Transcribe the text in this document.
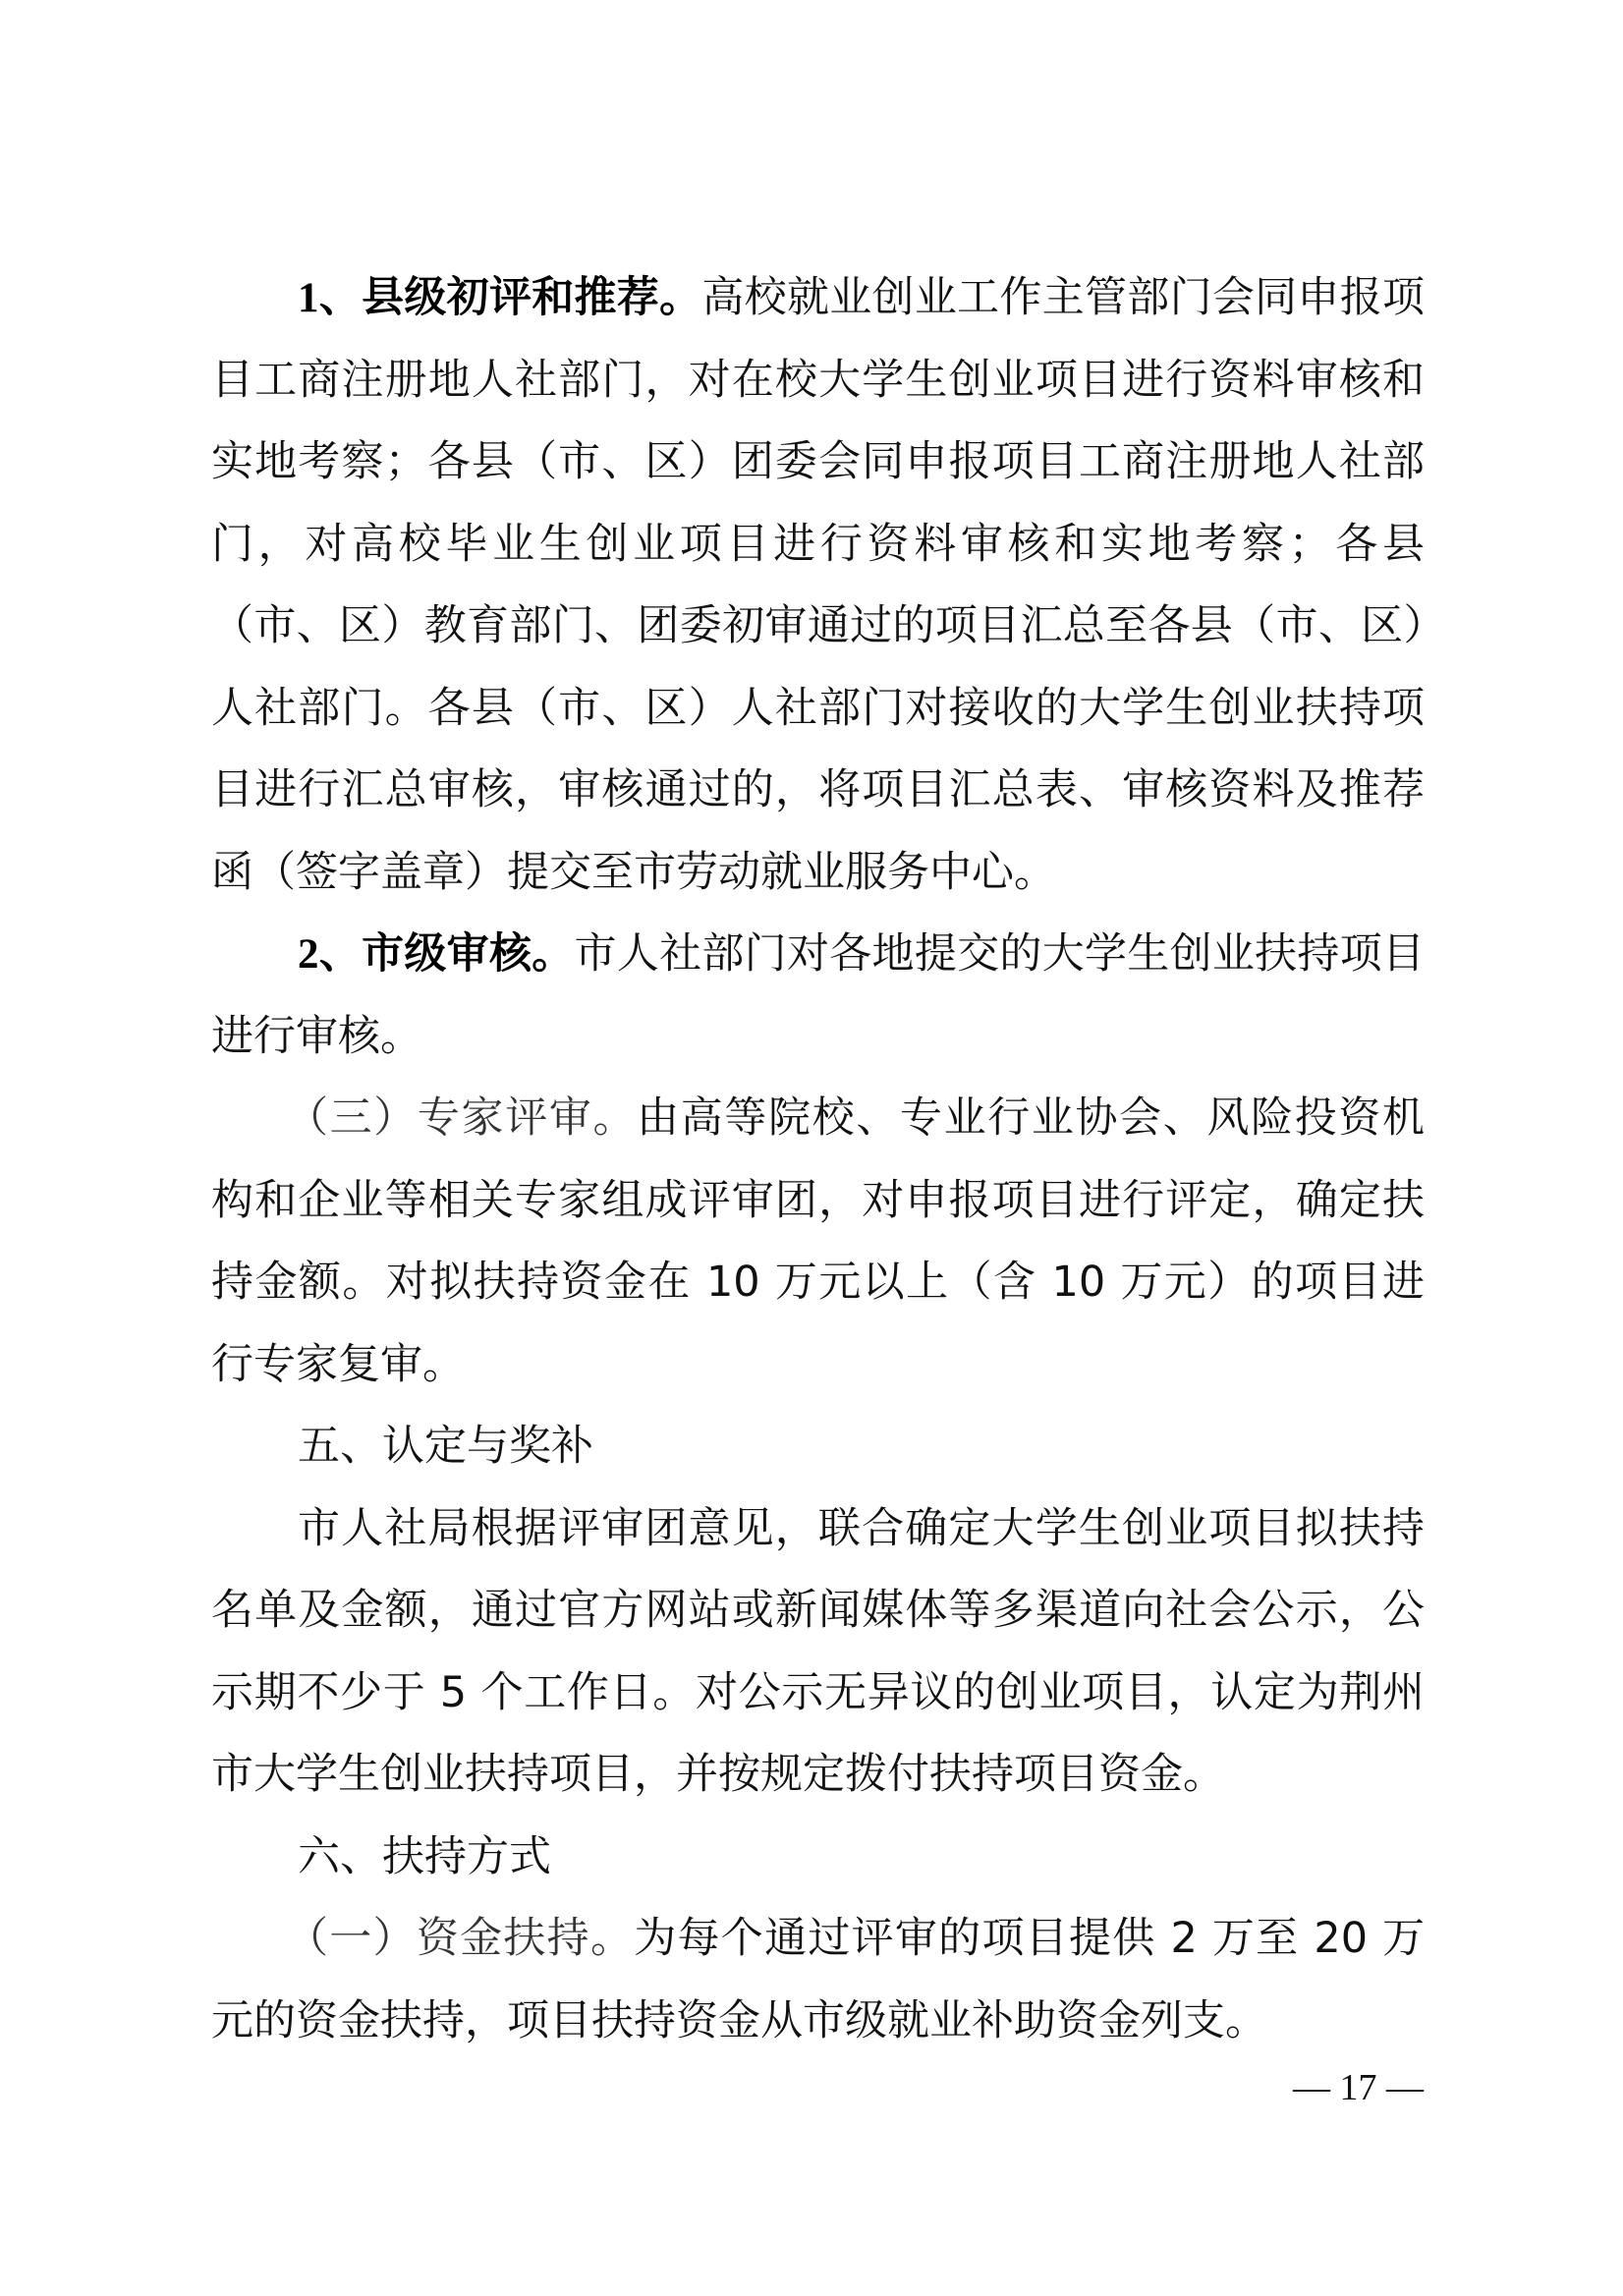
1、县级初评和推荐。高校就业创业工作主管部门会同申报项目工商注册地人社部门，对在校大学生创业项目进行资料审核和实地考察；各县（市、区）团委会同申报项目工商注册地人社部门，对高校毕业生创业项目进行资料审核和实地考察；各县（市、区）教育部门、团委初审通过的项目汇总至各县（市、区）人社部门。各县（市、区）人社部门对接收的大学生创业扶持项目进行汇总审核，审核通过的，将项目汇总表、审核资料及推荐函（签字盖章）提交至市劳动就业服务中心。

2、市级审核。市人社部门对各地提交的大学生创业扶持项目进行审核。

（三）专家评审。由高等院校、专业行业协会、风险投资机构和企业等相关专家组成评审团，对申报项目进行评定，确定扶持金额。对拟扶持资金在 10 万元以上（含 10 万元）的项目进行专家复审。

五、认定与奖补

市人社局根据评审团意见，联合确定大学生创业项目拟扶持名单及金额，通过官方网站或新闻媒体等多渠道向社会公示，公示期不少于 5 个工作日。对公示无异议的创业项目，认定为荆州市大学生创业扶持项目，并按规定拨付扶持项目资金。

六、扶持方式

（一）资金扶持。为每个通过评审的项目提供 2 万至 20 万元的资金扶持，项目扶持资金从市级就业补助资金列支。

— 17 —
